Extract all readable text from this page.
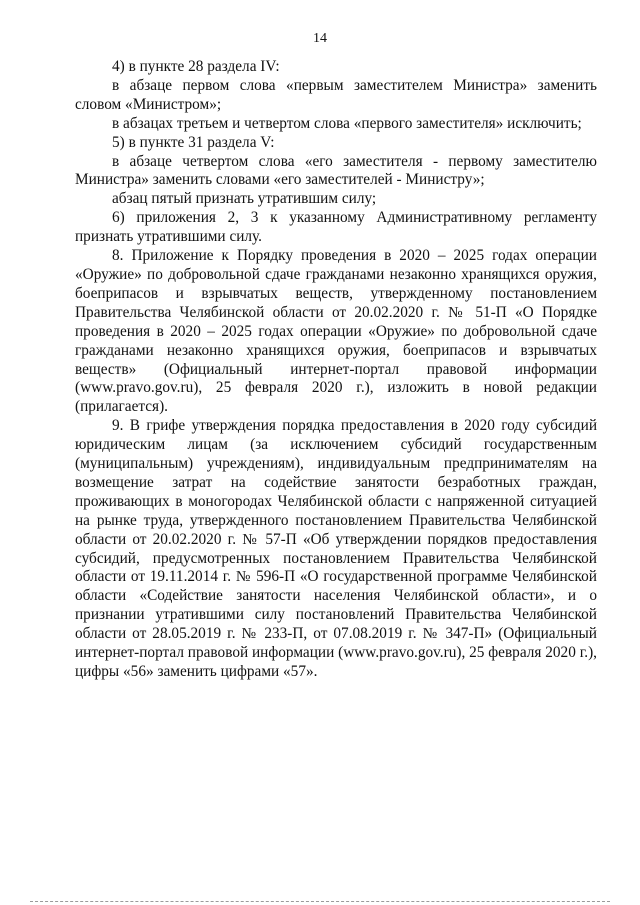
14

4) в пункте 28 раздела IV:

в абзаце первом слова «первым заместителем Министра» заменить словом «Министром»;

в абзацах третьем и четвертом слова «первого заместителя» исключить;

5) в пункте 31 раздела V:

в абзаце четвертом слова «его заместителя - первому заместителю Министра» заменить словами «его заместителей - Министру»;

абзац пятый признать утратившим силу;

6) приложения 2, 3 к указанному Административному регламенту признать утратившими силу.

8. Приложение к Порядку проведения в 2020 – 2025 годах операции «Оружие» по добровольной сдаче гражданами незаконно хранящихся оружия, боеприпасов и взрывчатых веществ, утвержденному постановлением Правительства Челябинской области от 20.02.2020 г. № 51-П «О Порядке проведения в 2020 – 2025 годах операции «Оружие» по добровольной сдаче гражданами незаконно хранящихся оружия, боеприпасов и взрывчатых веществ» (Официальный интернет-портал правовой информации (www.pravo.gov.ru), 25 февраля 2020 г.), изложить в новой редакции (прилагается).

9. В грифе утверждения порядка предоставления в 2020 году субсидий юридическим лицам (за исключением субсидий государственным (муниципальным) учреждениям), индивидуальным предпринимателям на возмещение затрат на содействие занятости безработных граждан, проживающих в моногородах Челябинской области с напряженной ситуацией на рынке труда, утвержденного постановлением Правительства Челябинской области от 20.02.2020 г. № 57-П «Об утверждении порядков предоставления субсидий, предусмотренных постановлением Правительства Челябинской области от 19.11.2014 г. № 596-П «О государственной программе Челябинской области «Содействие занятости населения Челябинской области», и о признании утратившими силу постановлений Правительства Челябинской области от 28.05.2019 г. № 233-П, от 07.08.2019 г. № 347-П» (Официальный интернет-портал правовой информации (www.pravo.gov.ru), 25 февраля 2020 г.), цифры «56» заменить цифрами «57».
